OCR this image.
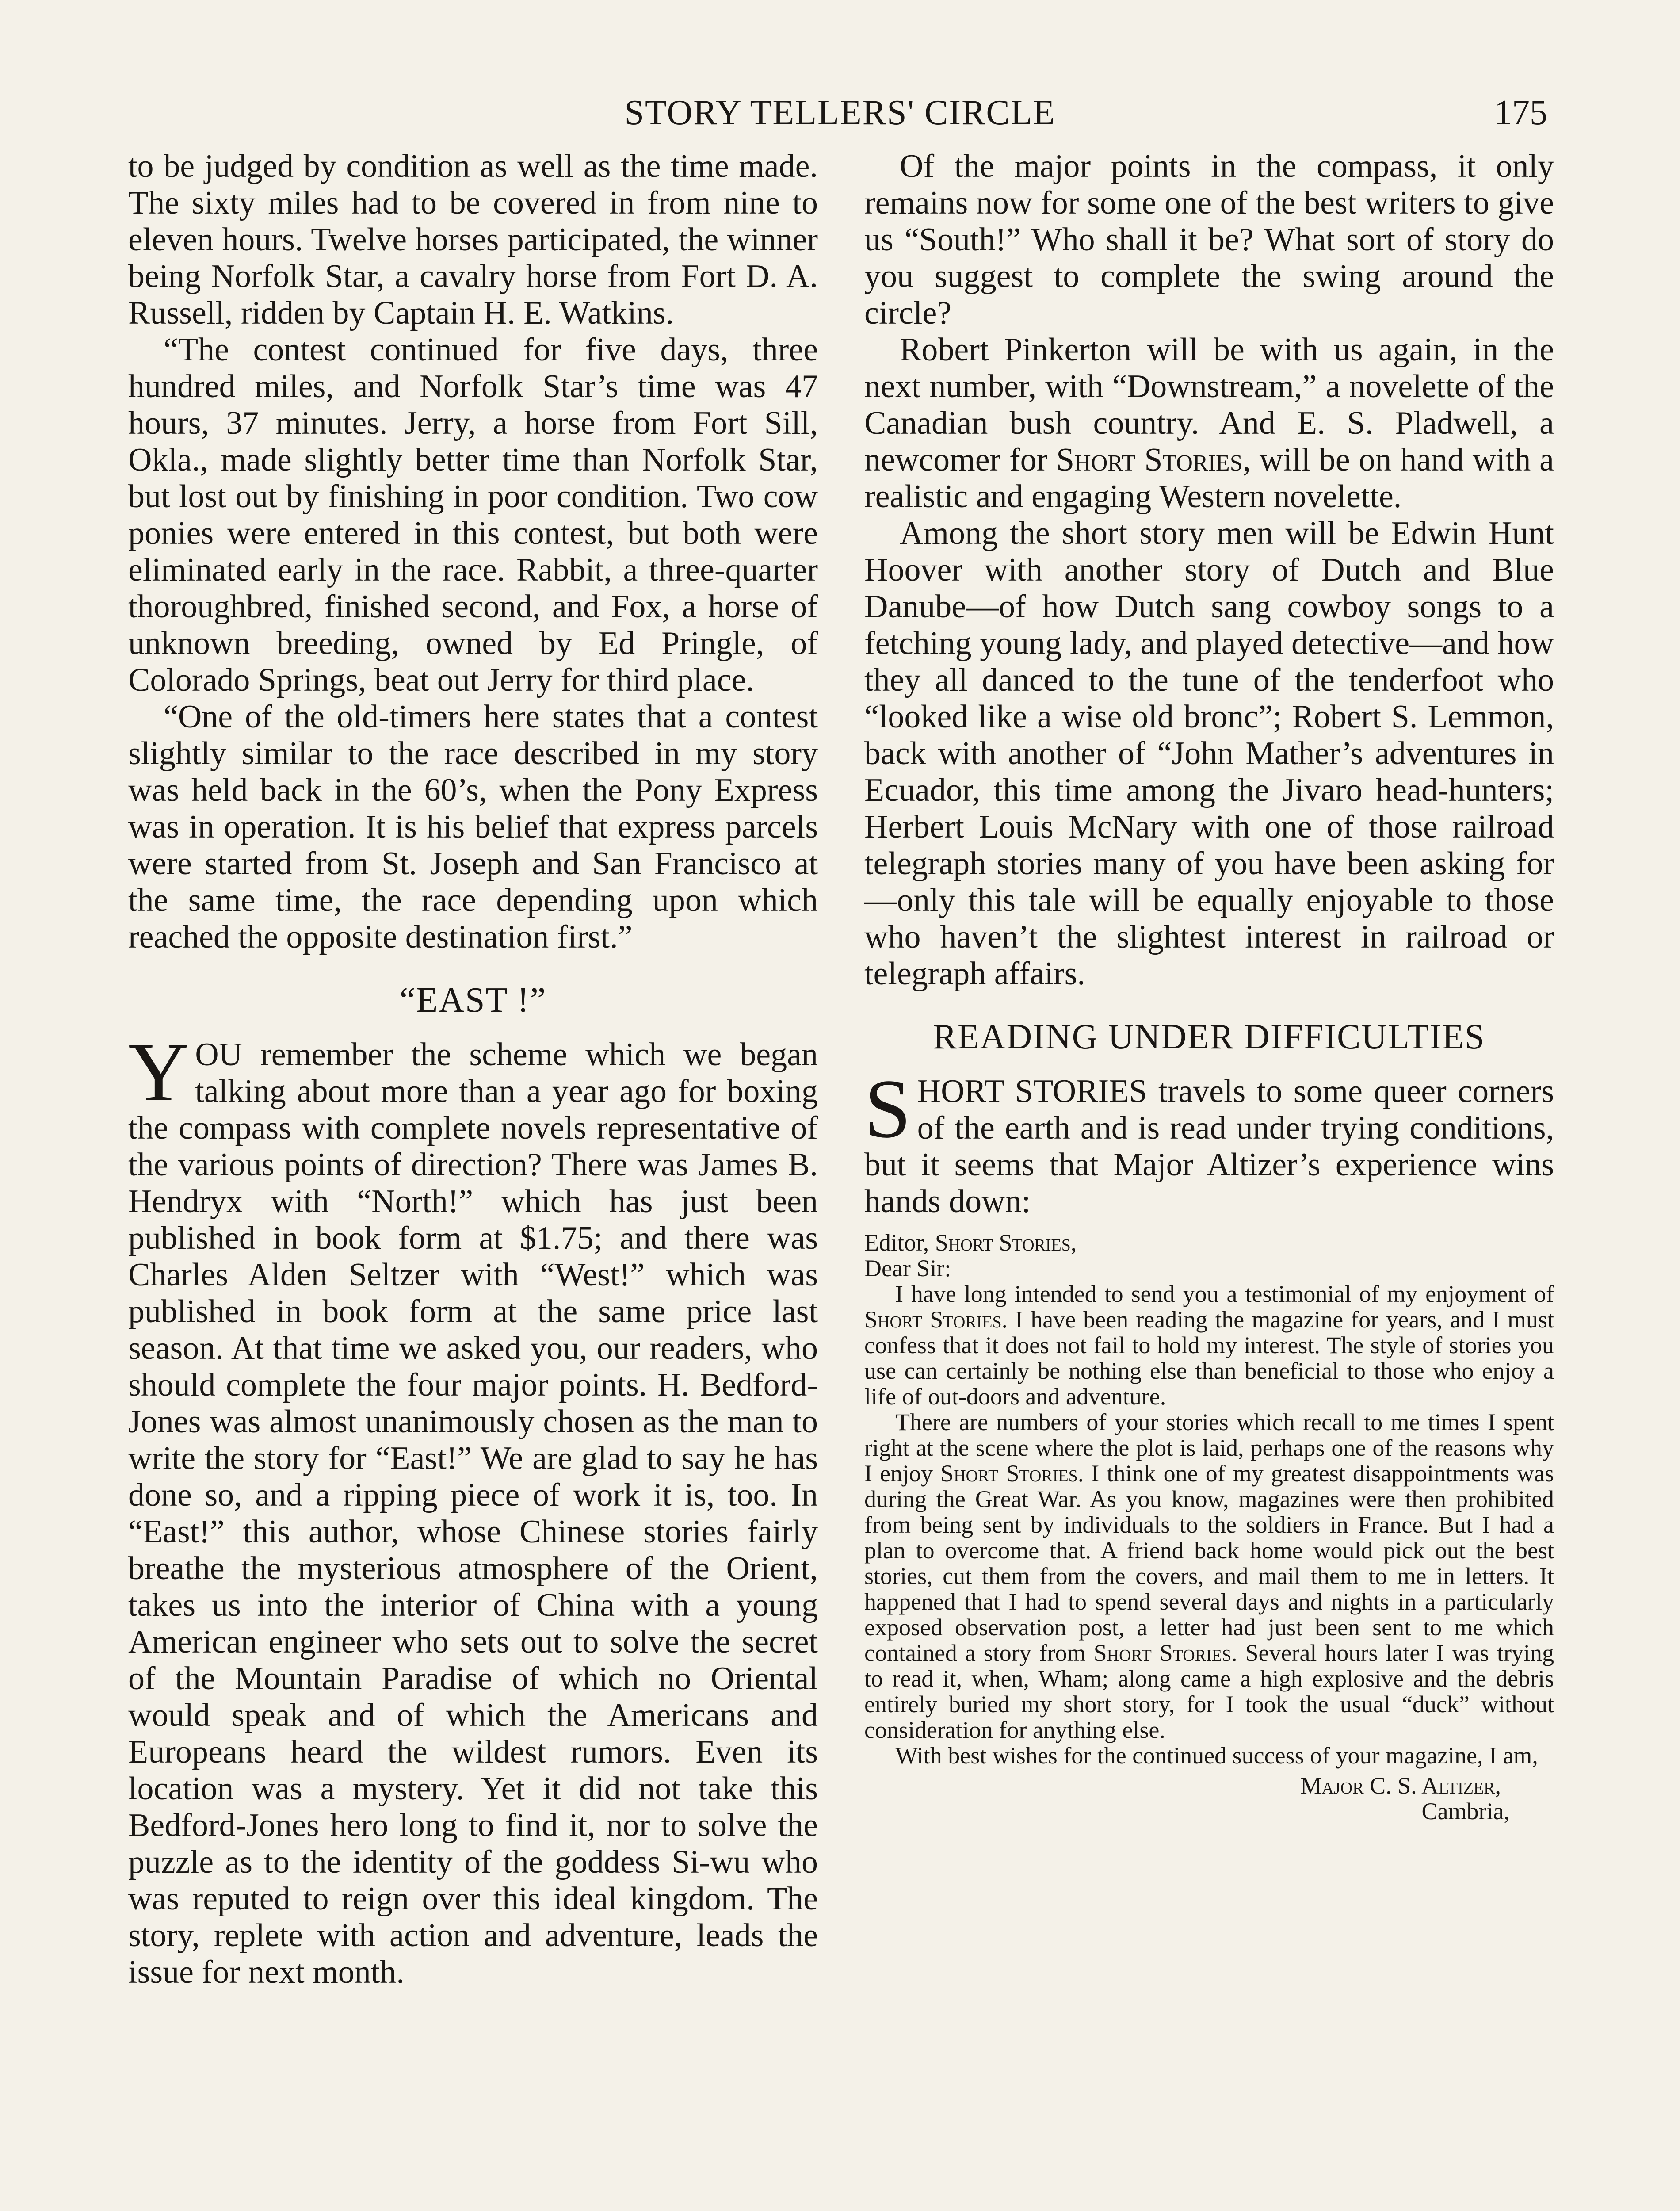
STORY TELLERS' CIRCLE	175

to be judged by condition as well as the time made. The sixty miles had to be covered in from nine to eleven hours. Twelve horses participated, the winner being Norfolk Star, a cavalry horse from Fort D. A. Russell, ridden by Captain H. E. Watkins.

“The contest continued for five days, three hundred miles, and Norfolk Star’s time was 47 hours, 37 minutes. Jerry, a horse from Fort Sill, Okla., made slightly better time than Norfolk Star, but lost out by finishing in poor condition. Two cow ponies were entered in this contest, but both were eliminated early in the race. Rabbit, a three-quarter thoroughbred, finished second, and Fox, a horse of unknown breeding, owned by Ed Pringle, of Colorado Springs, beat out Jerry for third place.

“One of the old-timers here states that a contest slightly similar to the race described in my story was held back in the 60’s, when the Pony Express was in operation. It is his belief that express parcels were started from St. Joseph and San Francisco at the same time, the race depending upon which reached the opposite destination first.”

“EAST !”

YOU remember the scheme which we began talking about more than a year ago for boxing the compass with complete novels representative of the various points of direction? There was James B. Hendryx with “North!” which has just been published in book form at $1.75; and there was Charles Alden Seltzer with “West!” which was published in book form at the same price last season. At that time we asked you, our readers, who should complete the four major points. H. Bedford-Jones was almost unanimously chosen as the man to write the story for “East!” We are glad to say he has done so, and a ripping piece of work it is, too. In “East!” this author, whose Chinese stories fairly breathe the mysterious atmosphere of the Orient, takes us into the interior of China with a young American engineer who sets out to solve the secret of the Mountain Paradise of which no Oriental would speak and of which the Americans and Europeans heard the wildest rumors. Even its location was a mystery. Yet it did not take this Bedford-Jones hero long to find it, nor to solve the puzzle as to the identity of the goddess Si-wu who was reputed to reign over this ideal kingdom. The story, replete with action and adventure, leads the issue for next month.

Of the major points in the compass, it only remains now for some one of the best writers to give us “South!” Who shall it be? What sort of story do you suggest to complete the swing around the circle?

Robert Pinkerton will be with us again, in the next number, with “Downstream,” a novelette of the Canadian bush country. And E. S. Pladwell, a newcomer for Short Stories, will be on hand with a realistic and engaging Western novelette.

Among the short story men will be Edwin Hunt Hoover with another story of Dutch and Blue Danube—of how Dutch sang cowboy songs to a fetching young lady, and played detective—and how they all danced to the tune of the tenderfoot who “looked like a wise old bronc”; Robert S. Lemmon, back with another of “John Mather’s adventures in Ecuador, this time among the Jivaro head-hunters; Herbert Louis McNary with one of those railroad telegraph stories many of you have been asking for—only this tale will be equally enjoyable to those who haven’t the slightest interest in railroad or telegraph affairs.

READING UNDER DIFFICULTIES

SHORT STORIES travels to some queer corners of the earth and is read under trying conditions, but it seems that Major Altizer’s experience wins hands down:

Editor, Short Stories,

Dear Sir:

I have long intended to send you a testimonial of my enjoyment of Short Stories. I have been reading the magazine for years, and I must confess that it does not fail to hold my interest. The style of stories you use can certainly be nothing else than beneficial to those who enjoy a life of out-doors and adventure.

There are numbers of your stories which recall to me times I spent right at the scene where the plot is laid, perhaps one of the reasons why I enjoy Short Stories. I think one of my greatest disappointments was during the Great War. As you know, magazines were then prohibited from being sent by individuals to the soldiers in France. But I had a plan to overcome that. A friend back home would pick out the best stories, cut them from the covers, and mail them to me in letters. It happened that I had to spend several days and nights in a particularly exposed observation post, a letter had just been sent to me which contained a story from Short Stories. Several hours later I was trying to read it, when, Wham; along came a high explosive and the debris entirely buried my short story, for I took the usual “duck” without consideration for anything else.

With best wishes for the continued success of your magazine, I am,

Major C. S. Altizer,

Cambria,
